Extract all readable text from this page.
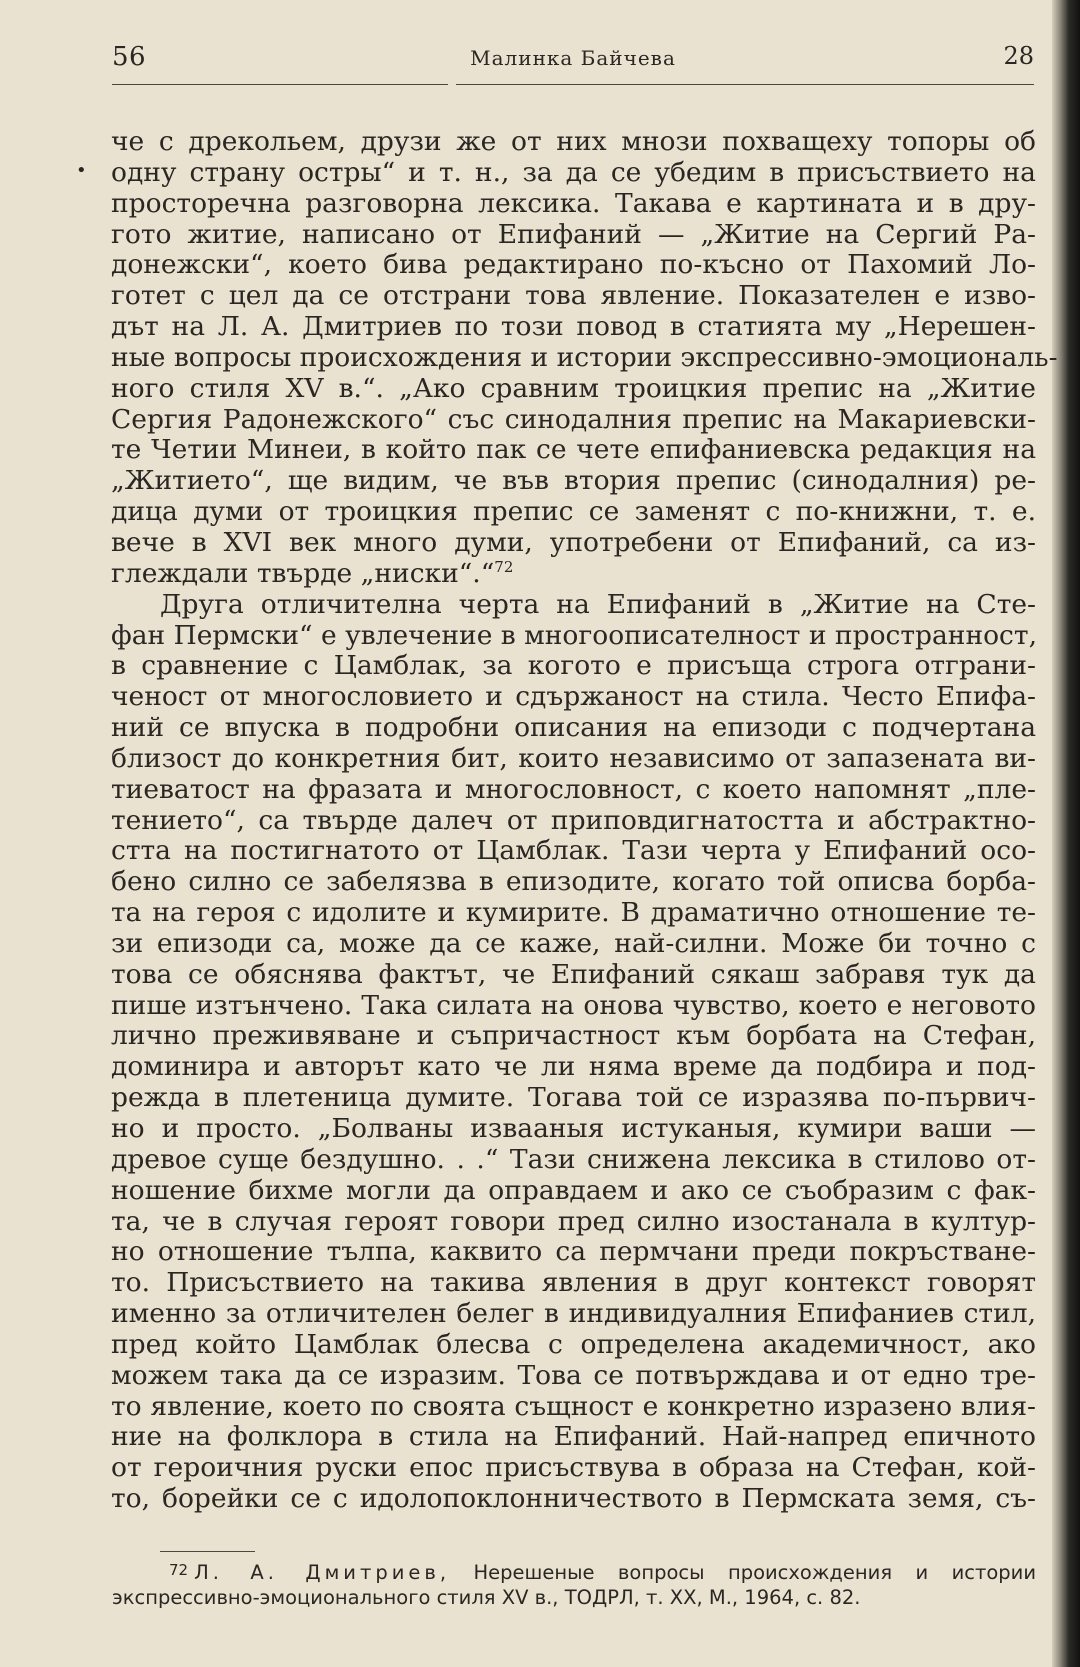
56	Малинка Байчева	28
•
че с дрекольем, друзи же от них мнози похващеху топоры об
одну страну остры“ и т. н., за да се убедим в присъствието на
просторечна разговорна лексика. Такава е картината и в дру-
гото житие, написано от Епифаний — „Житие на Сергий Ра-
донежски“, което бива редактирано по-късно от Пахомий Ло-
готет с цел да се отстрани това явление. Показателен е изво-
дът на Л. А. Дмитриев по този повод в статията му „Нерешен-
ные вопросы происхождения и истории экспрессивно-эмоциональ-
ного стиля XV в.“. „Ако сравним троицкия препис на „Житие
Сергия Радонежского“ със синодалния препис на Макариевски-
те Четии Минеи, в който пак се чете епифаниевска редакция на
„Житието“, ще видим, че във втория препис (синодалния) ре-
дица думи от троицкия препис се заменят с по-книжни, т. е.
вече в XVI век много думи, употребени от Епифаний, са из-
глеждали твърде „ниски“.“$^{72}$
Друга отличителна черта на Епифаний в „Житие на Сте-
фан Пермски“ е увлечение в многоописателност и пространност,
в сравнение с Цамблак, за когото е присъща строга отграни-
ченост от многословието и сдържаност на стила. Често Епифа-
ний се впуска в подробни описания на епизоди с подчертана
близост до конкретния бит, които независимо от запазената ви-
тиеватост на фразата и многословност, с което напомнят „пле-
тението“, са твърде далеч от приповдигнатостта и абстрактно-
стта на постигнатото от Цамблак. Тази черта у Епифаний осо-
бено силно се забелязва в епизодите, когато той описва борба-
та на героя с идолите и кумирите. В драматично отношение те-
зи епизоди са, може да се каже, най-силни. Може би точно с
това се обяснява фактът, че Епифаний сякаш забравя тук да
пише изтънчено. Така силата на онова чувство, което е неговото
лично преживяване и съпричастност към борбата на Стефан,
доминира и авторът като че ли няма време да подбира и под-
режда в плетеница думите. Тогава той се изразява по-първич-
но и просто. „Болваны извааныя истуканыя, кумири ваши —
древое суще бездушно. . .“ Тази снижена лексика в стилово от-
ношение бихме могли да оправдаем и ако се съобразим с фак-
та, че в случая героят говори пред силно изостанала в култур-
но отношение тълпа, каквито са пермчани преди покръстване-
то. Присъствието на такива явления в друг контекст говорят
именно за отличителен белег в индивидуалния Епифаниев стил,
пред който Цамблак блесва с определена академичност, ако
можем така да се изразим. Това се потвърждава и от едно тре-
то явление, което по своята същност е конкретно изразено влия-
ние на фолклора в стила на Епифаний. Най-напред епичното
от героичния руски епос присъствува в образа на Стефан, кой-
то, борейки се с идолопоклонничеството в Пермската земя, съ-
$^{72}$ Л. А. Дмитриев, Нерешеные вопросы происхождения и истории
экспрессивно-эмоционального стиля XV в., ТОДРЛ, т. XX, М., 1964, с. 82.
